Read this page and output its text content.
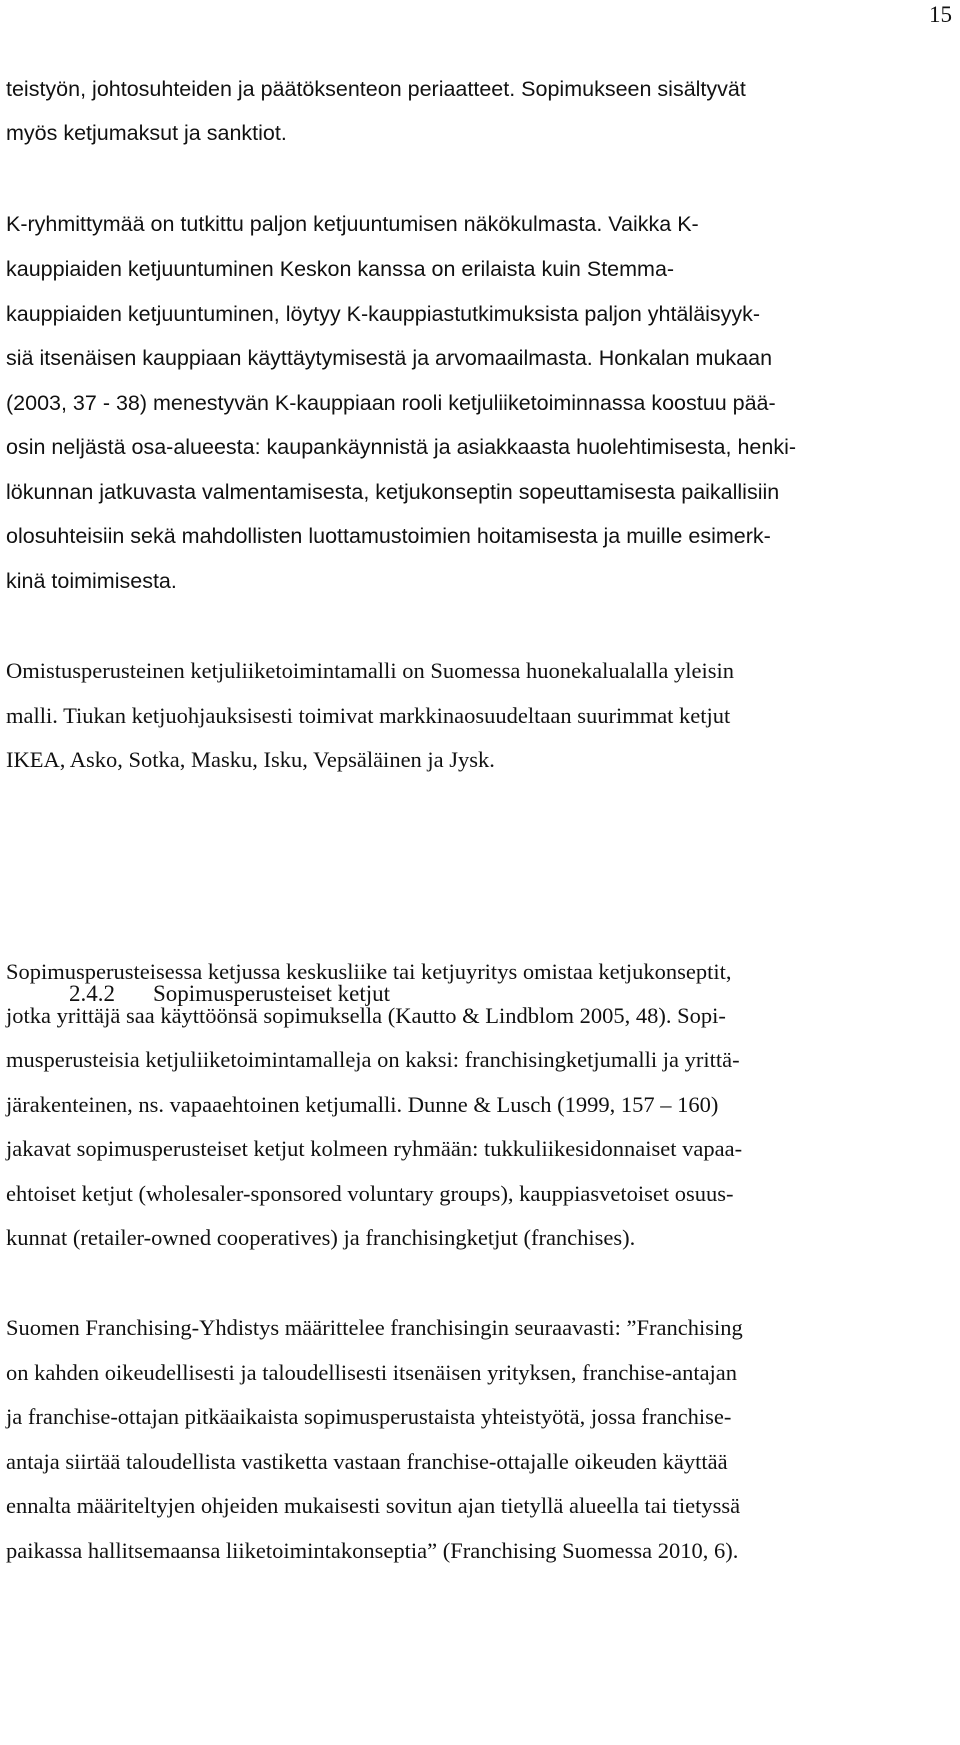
15

teistyön, johtosuhteiden ja päätöksenteon periaatteet. Sopimukseen sisältyvät

myös ketjumaksut ja sanktiot.

K-ryhmittymää on tutkittu paljon ketjuuntumisen näkökulmasta. Vaikka K-

kauppiaiden ketjuuntuminen Keskon kanssa on erilaista kuin Stemma-

kauppiaiden ketjuuntuminen, löytyy K-kauppiastutkimuksista paljon yhtäläisyyk-

siä itsenäisen kauppiaan käyttäytymisestä ja arvomaailmasta. Honkalan mukaan

(2003, 37 - 38) menestyvän K-kauppiaan rooli ketjuliiketoiminnassa koostuu pää-

osin neljästä osa-alueesta: kaupankäynnistä ja asiakkaasta huolehtimisesta, henki-

lökunnan jatkuvasta valmentamisesta, ketjukonseptin sopeuttamisesta paikallisiin

olosuhteisiin sekä mahdollisten luottamustoimien hoitamisesta ja muille esimerk-

kinä toimimisesta.

Omistusperusteinen ketjuliiketoimintamalli on Suomessa huonekalualalla yleisin

malli. Tiukan ketjuohjauksisesti toimivat markkinaosuudeltaan suurimmat ketjut

IKEA, Asko, Sotka, Masku, Isku, Vepsäläinen ja Jysk.

2.4.2 Sopimusperusteiset ketjut

Sopimusperusteisessa ketjussa keskusliike tai ketjuyritys omistaa ketjukonseptit,

jotka yrittäjä saa käyttöönsä sopimuksella (Kautto & Lindblom 2005, 48). Sopi-

musperusteisia ketjuliiketoimintamalleja on kaksi: franchisingketjumalli ja yrittä-

järakenteinen, ns. vapaaehtoinen ketjumalli. Dunne & Lusch (1999, 157 – 160)

jakavat sopimusperusteiset ketjut kolmeen ryhmään: tukkuliikesidonnaiset vapaa-

ehtoiset ketjut (wholesaler-sponsored voluntary groups), kauppiasvetoiset osuus-

kunnat (retailer-owned cooperatives) ja franchisingketjut (franchises).

Suomen Franchising-Yhdistys määrittelee franchisingin seuraavasti: ”Franchising

on kahden oikeudellisesti ja taloudellisesti itsenäisen yrityksen, franchise-antajan

ja franchise-ottajan pitkäaikaista sopimusperustaista yhteistyötä, jossa franchise-

antaja siirtää taloudellista vastiketta vastaan franchise-ottajalle oikeuden käyttää

ennalta määriteltyjen ohjeiden mukaisesti sovitun ajan tietyllä alueella tai tietyssä

paikassa hallitsemaansa liiketoimintakonseptia” (Franchising Suomessa 2010, 6).
